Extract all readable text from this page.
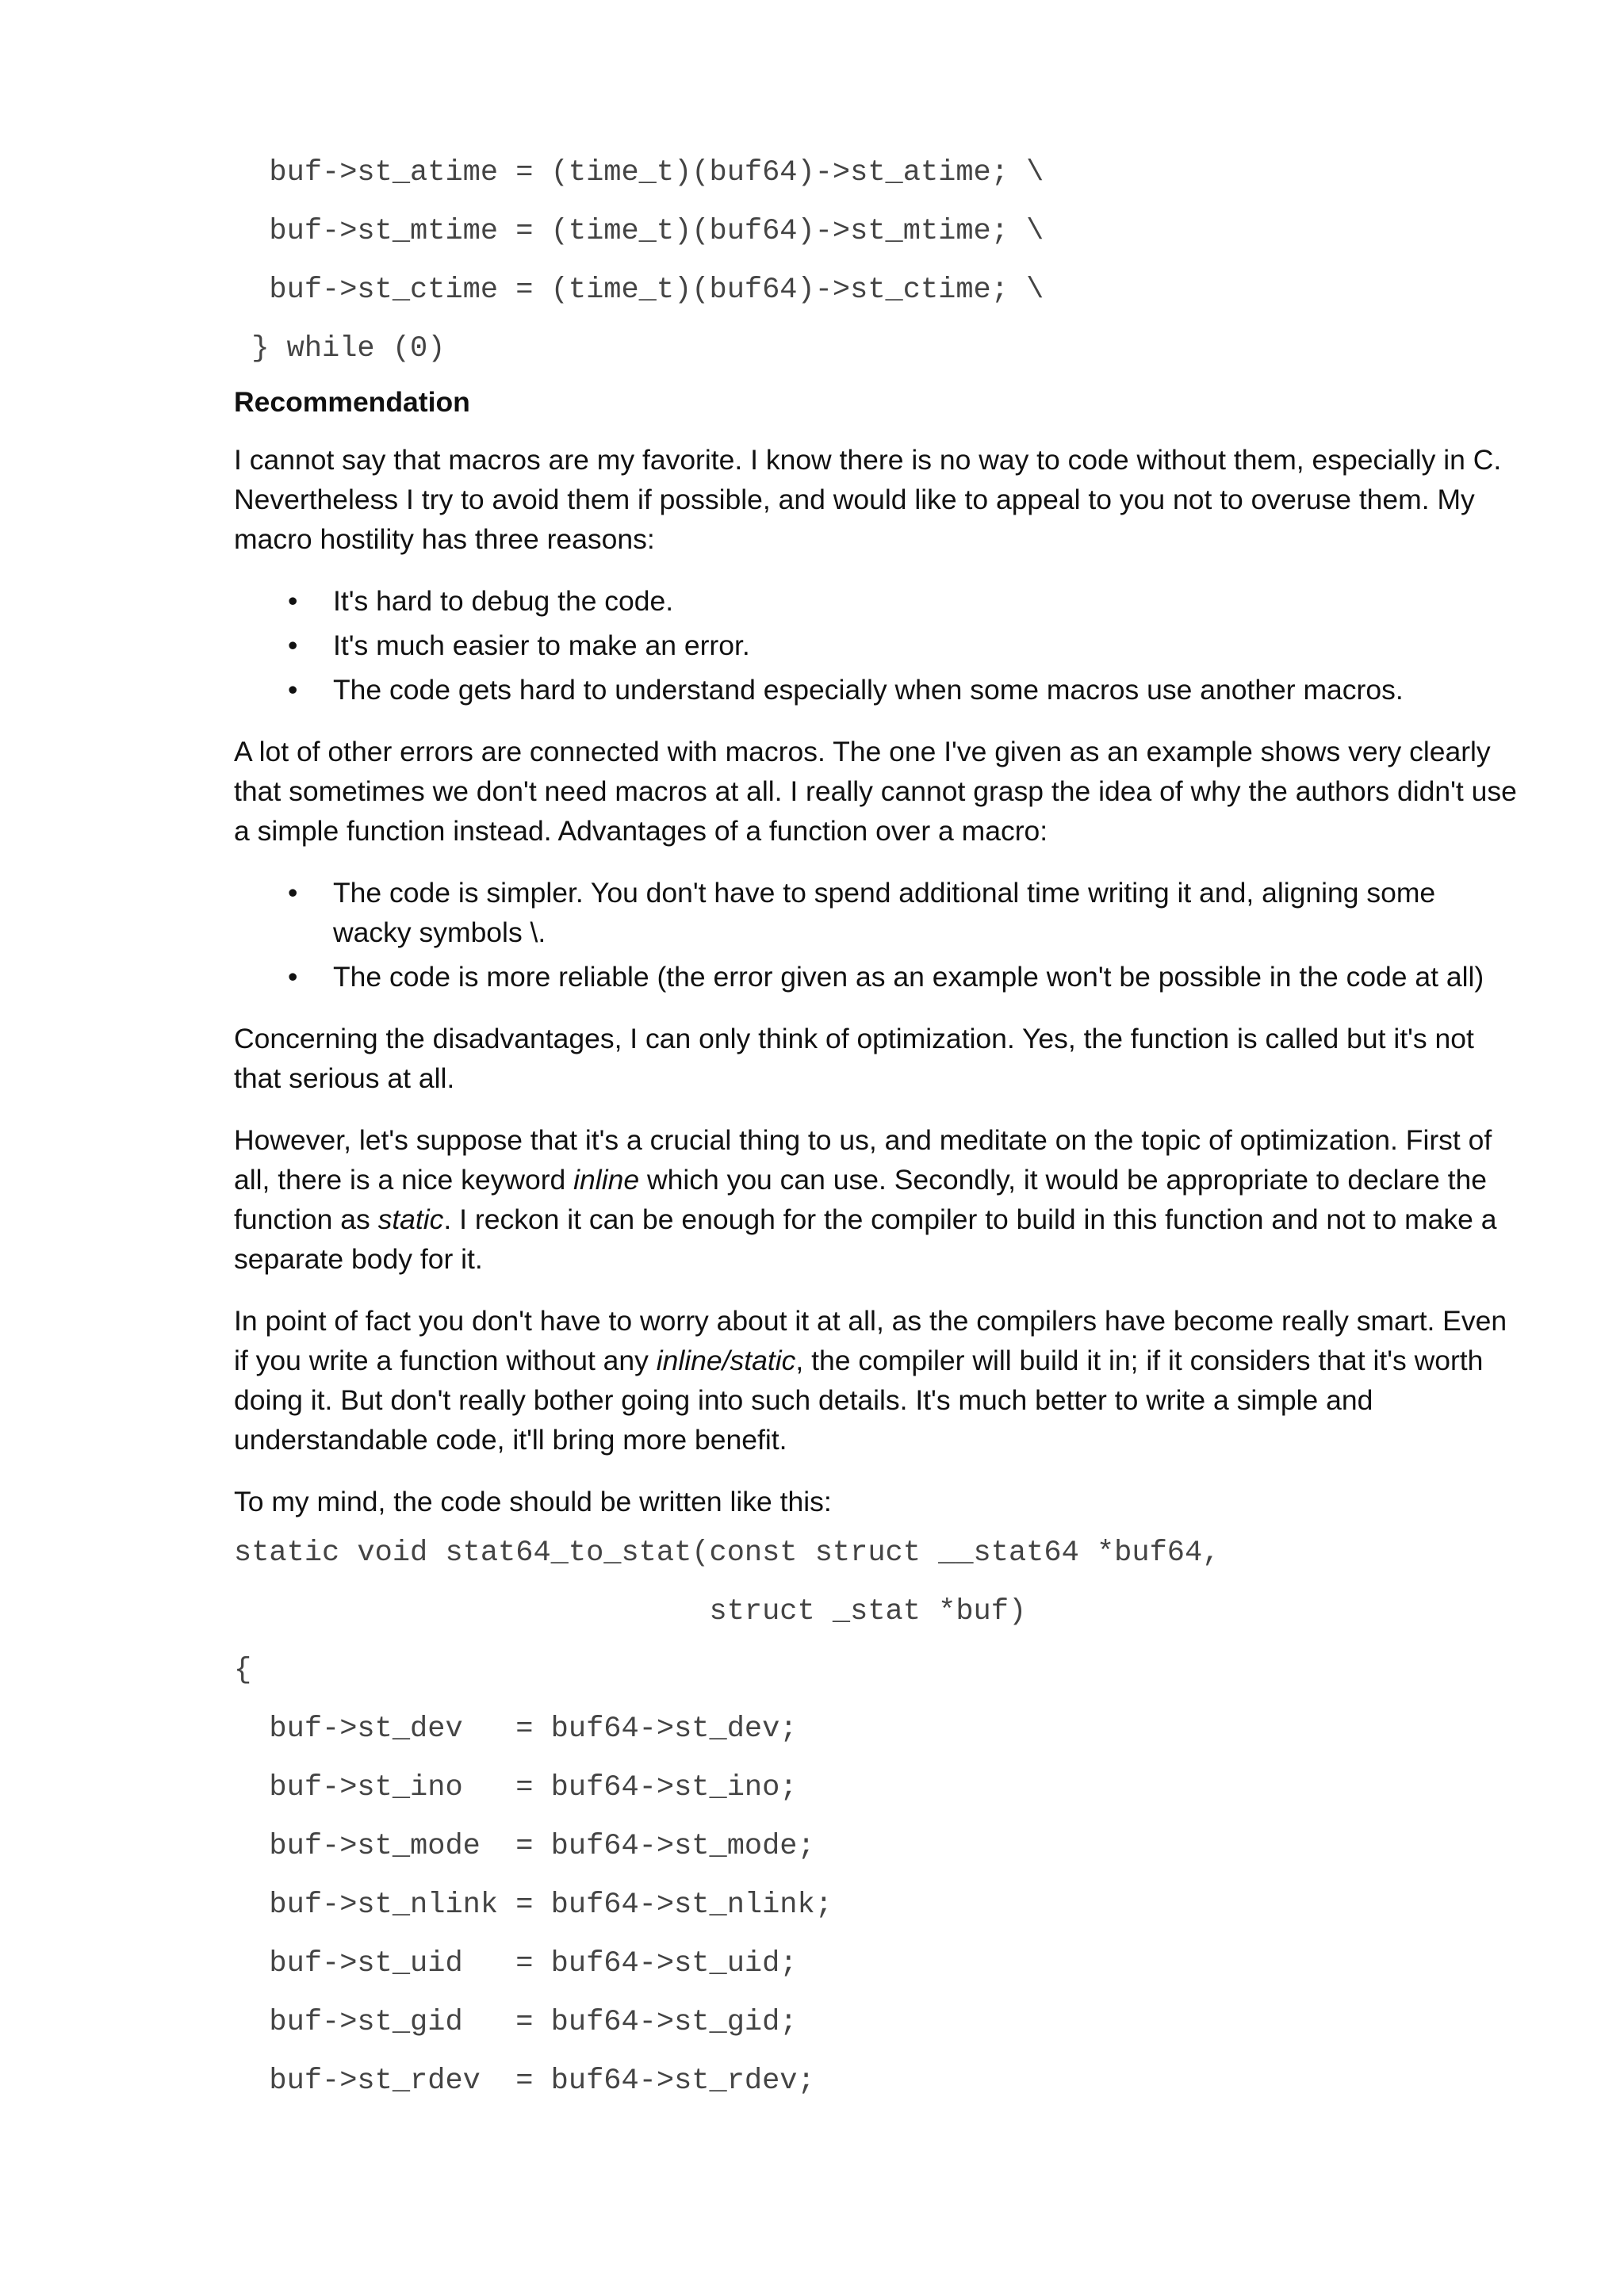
buf->st_atime = (time_t)(buf64)->st_atime; \
buf->st_mtime = (time_t)(buf64)->st_mtime; \
buf->st_ctime = (time_t)(buf64)->st_ctime; \
} while (0)
Recommendation

I cannot say that macros are my favorite. I know there is no way to code without them, especially in C. Nevertheless I try to avoid them if possible, and would like to appeal to you not to overuse them. My macro hostility has three reasons:

• It's hard to debug the code.
• It's much easier to make an error.
• The code gets hard to understand especially when some macros use another macros.

A lot of other errors are connected with macros. The one I've given as an example shows very clearly that sometimes we don't need macros at all. I really cannot grasp the idea of why the authors didn't use a simple function instead. Advantages of a function over a macro:

• The code is simpler. You don't have to spend additional time writing it and, aligning some wacky symbols \.
• The code is more reliable (the error given as an example won't be possible in the code at all)

Concerning the disadvantages, I can only think of optimization. Yes, the function is called but it's not that serious at all.

However, let's suppose that it's a crucial thing to us, and meditate on the topic of optimization. First of all, there is a nice keyword inline which you can use. Secondly, it would be appropriate to declare the function as static. I reckon it can be enough for the compiler to build in this function and not to make a separate body for it.

In point of fact you don't have to worry about it at all, as the compilers have become really smart. Even if you write a function without any inline/static, the compiler will build it in; if it considers that it's worth doing it. But don't really bother going into such details. It's much better to write a simple and understandable code, it'll bring more benefit.

To my mind, the code should be written like this:

static void stat64_to_stat(const struct __stat64 *buf64,
struct _stat *buf)
{
buf->st_dev   = buf64->st_dev;
buf->st_ino   = buf64->st_ino;
buf->st_mode  = buf64->st_mode;
buf->st_nlink = buf64->st_nlink;
buf->st_uid   = buf64->st_uid;
buf->st_gid   = buf64->st_gid;
buf->st_rdev  = buf64->st_rdev;
